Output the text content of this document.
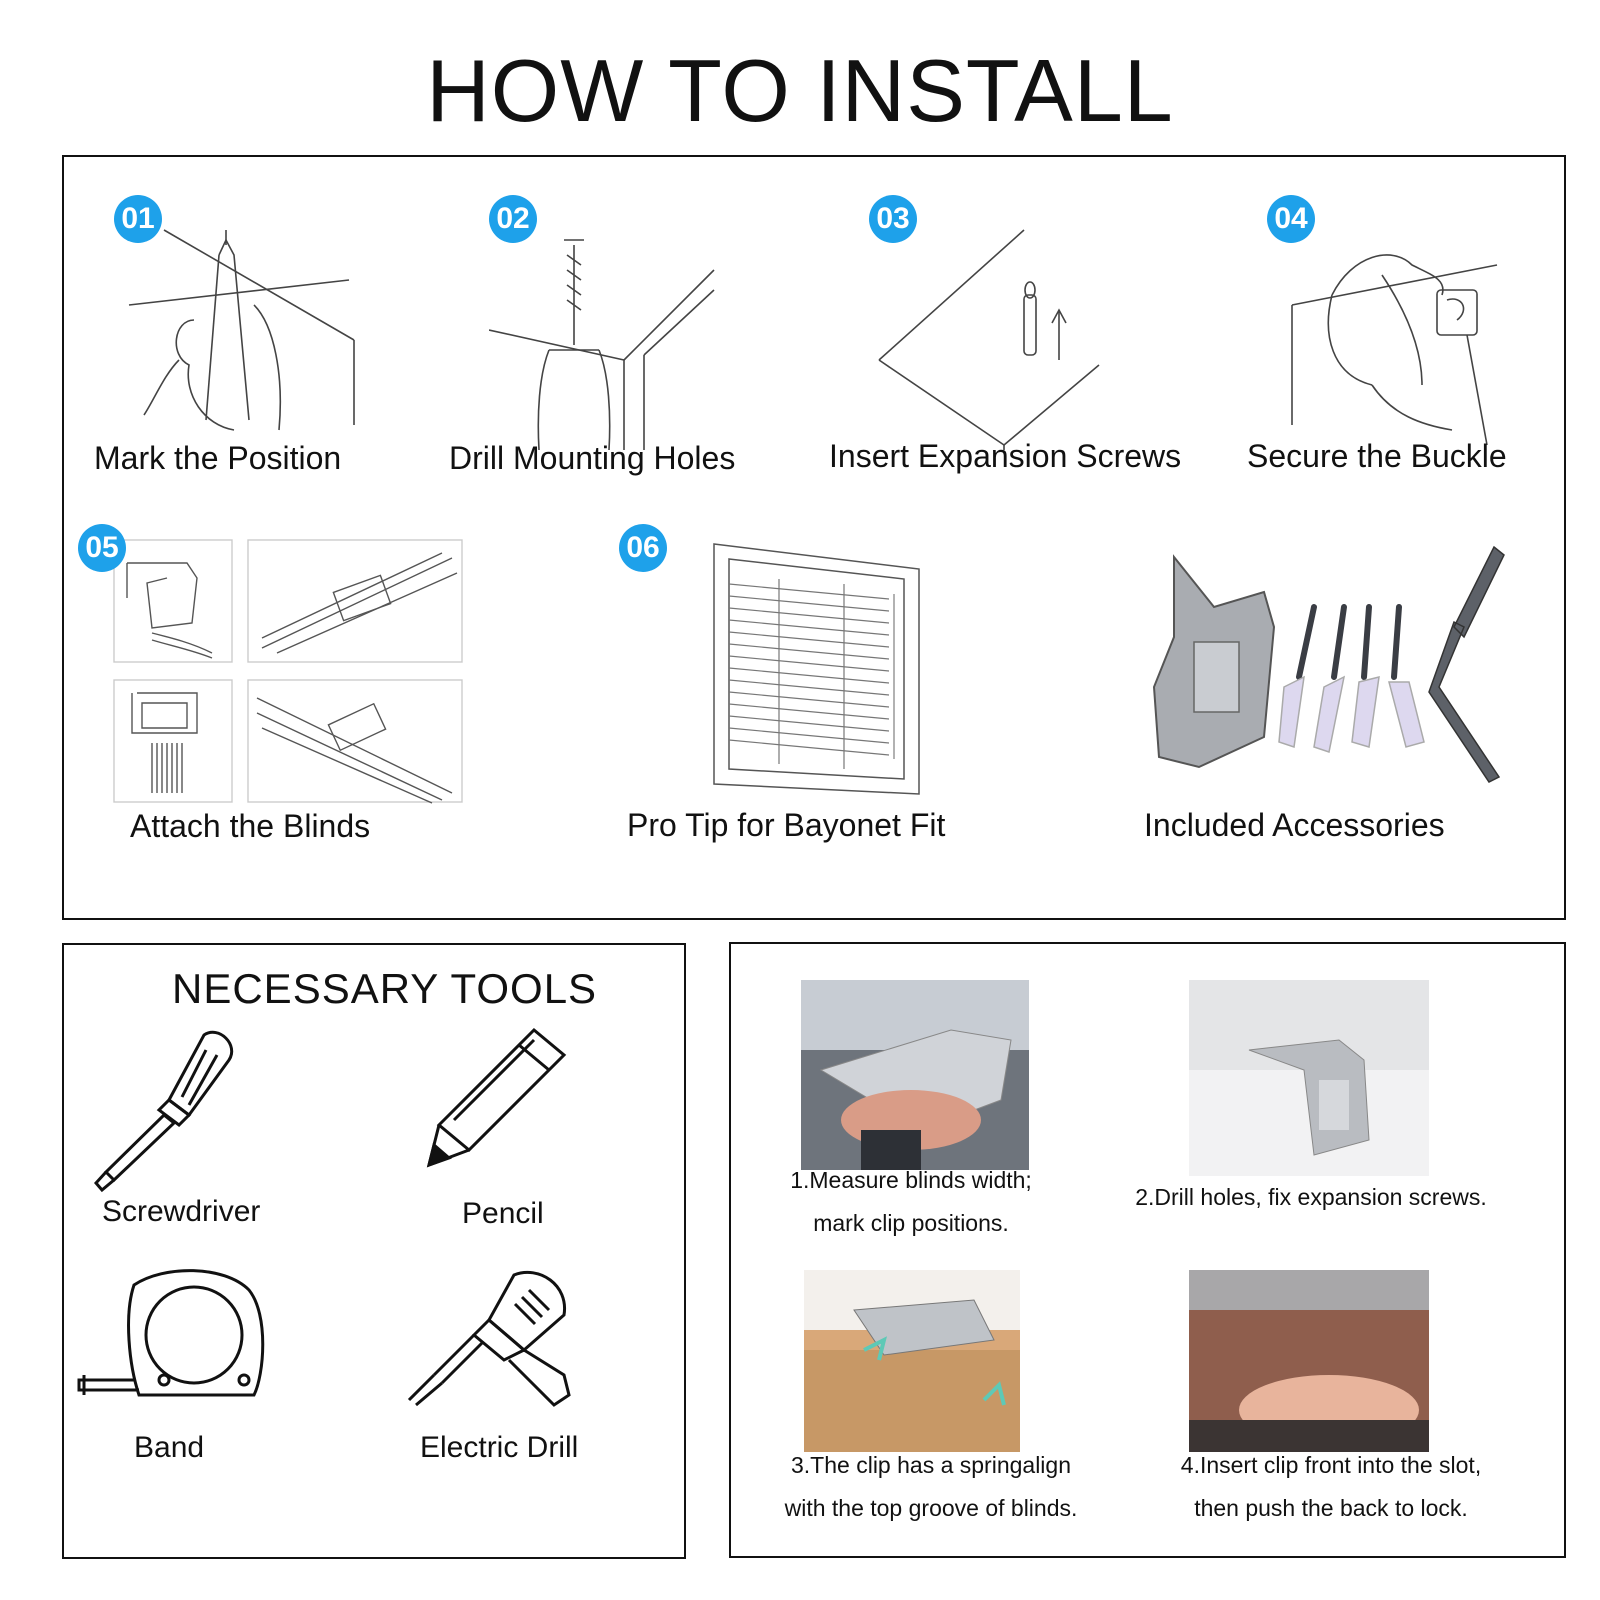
HOW TO INSTALL
01
Mark the Position
02
Drill Mounting Holes
03
Insert Expansion Screws
04
Secure the Buckle
05
Attach the Blinds
06
Pro Tip for Bayonet Fit	Included Accessories
NECESSARY TOOLS
Screwdriver	Pencil
Band	Electric Drill
1.Measure blinds width;
mark clip positions.
2.Drill holes, fix expansion screws.
3.The clip has a springalign
with the top groove of blinds.
4.Insert clip front into the slot,
then push the back to lock.
